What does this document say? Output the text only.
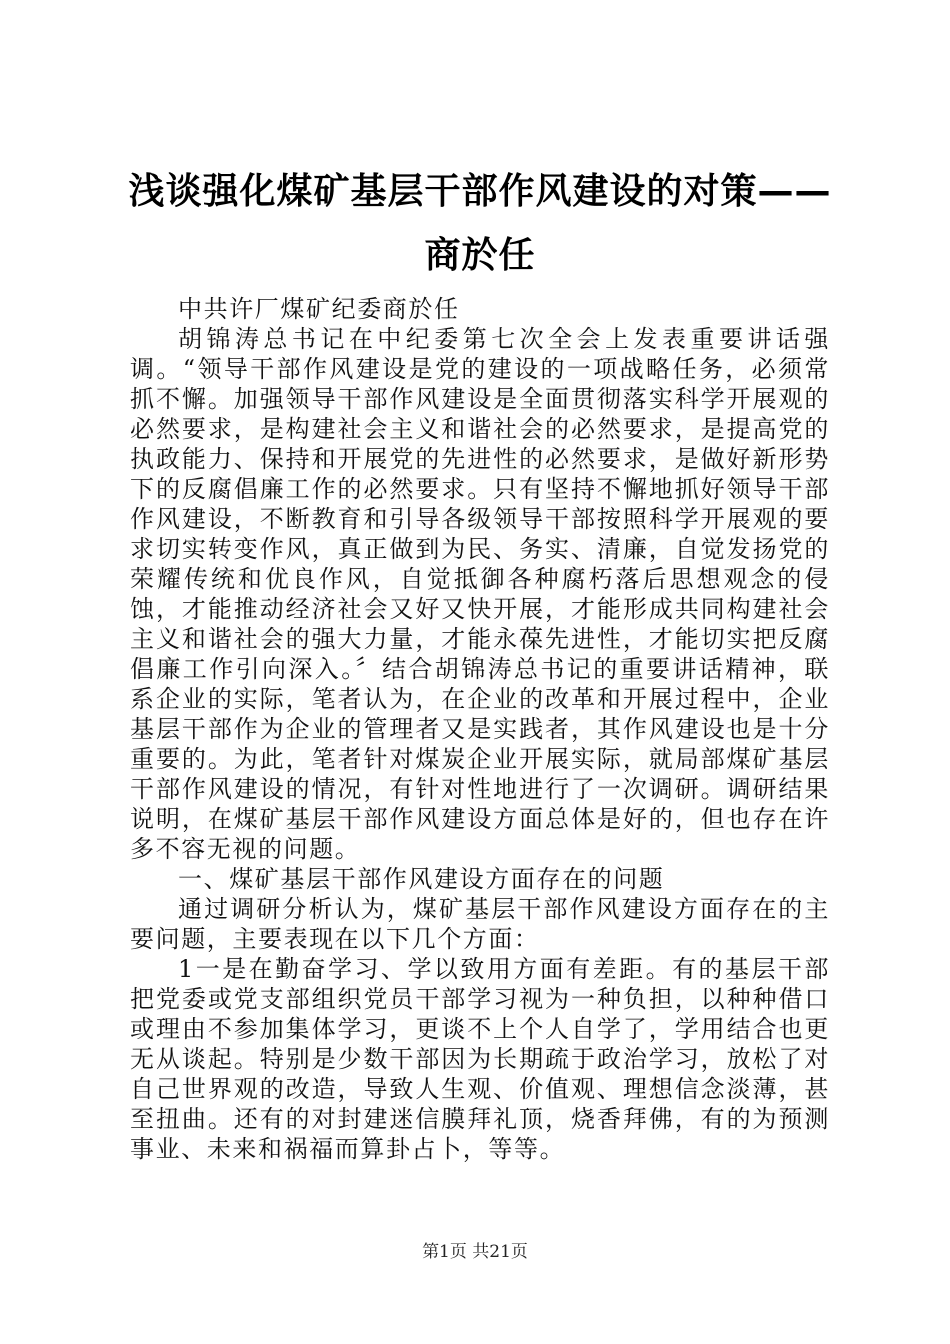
浅谈强化煤矿基层干部作风建设的对策——商於任

中共许厂煤矿纪委商於任

胡锦涛总书记在中纪委第七次全会上发表重要讲话强调。“领导干部作风建设是党的建设的一项战略任务，必须常抓不懈。加强领导干部作风建设是全面贯彻落实科学开展观的必然要求，是构建社会主义和谐社会的必然要求，是提高党的执政能力、保持和开展党的先进性的必然要求，是做好新形势下的反腐倡廉工作的必然要求。只有坚持不懈地抓好领导干部作风建设，不断教育和引导各级领导干部按照科学开展观的要求切实转变作风，真正做到为民、务实、清廉，自觉发扬党的荣耀传统和优良作风，自觉抵御各种腐朽落后思想观念的侵蚀，才能推动经济社会又好又快开展，才能形成共同构建社会主义和谐社会的强大力量，才能永葆先进性，才能切实把反腐倡廉工作引向深入。〞结合胡锦涛总书记的重要讲话精神，联系企业的实际，笔者认为，在企业的改革和开展过程中，企业基层干部作为企业的管理者又是实践者，其作风建设也是十分重要的。为此，笔者针对煤炭企业开展实际，就局部煤矿基层干部作风建设的情况，有针对性地进行了一次调研。调研结果说明，在煤矿基层干部作风建设方面总体是好的，但也存在许多不容无视的问题。

一、煤矿基层干部作风建设方面存在的问题

通过调研分析认为，煤矿基层干部作风建设方面存在的主要问题，主要表现在以下几个方面：

1一是在勤奋学习、学以致用方面有差距。有的基层干部把党委或党支部组织党员干部学习视为一种负担，以种种借口或理由不参加集体学习，更谈不上个人自学了，学用结合也更无从谈起。特别是少数干部因为长期疏于政治学习，放松了对自己世界观的改造，导致人生观、价值观、理想信念淡薄，甚至扭曲。还有的对封建迷信膜拜礼顶，烧香拜佛，有的为预测事业、未来和祸福而算卦占卜，等等。

第1页 共21页
